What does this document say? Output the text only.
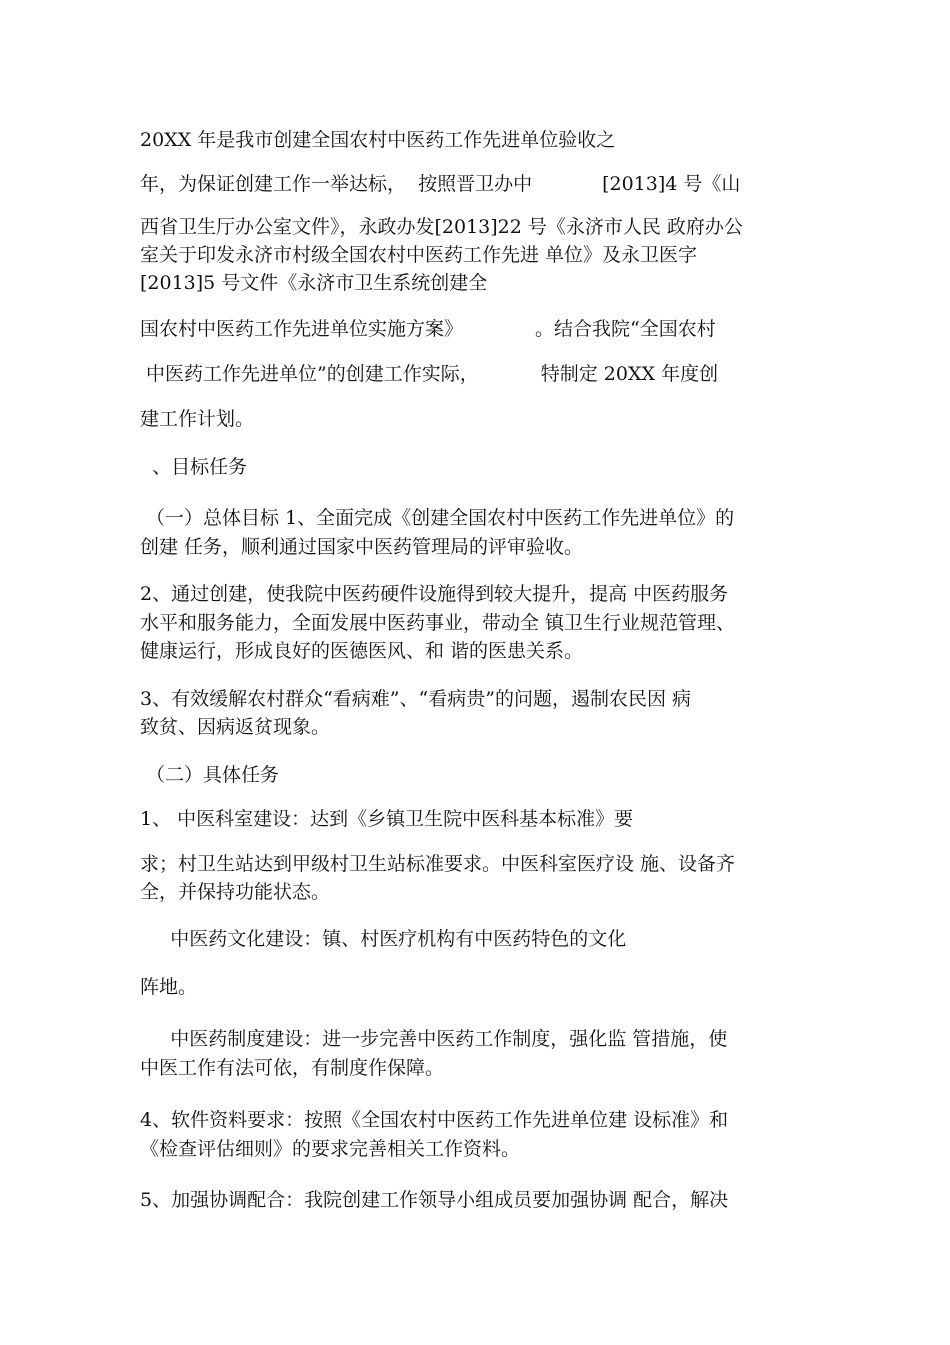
20XX 年是我市创建全国农村中医药工作先进单位验收之
年，为保证创建工作一举达标，  按照晋卫办中	[2013]4 号《山
西省卫生厅办公室文件》，永政办发[2013]22 号《永济市人民 政府办公
室关于印发永济市村级全国农村中医药工作先进 单位》及永卫医字
[2013]5 号文件《永济市卫生系统创建全
国农村中医药工作先进单位实施方案》	。结合我院“全国农村
中医药工作先进单位”的创建工作实际，	特制定 20XX 年度创
建工作计划。
、目标任务
（一）总体目标 1、全面完成《创建全国农村中医药工作先进单位》的
创建 任务，顺利通过国家中医药管理局的评审验收。
2、通过创建，使我院中医药硬件设施得到较大提升，提高 中医药服务
水平和服务能力，全面发展中医药事业，带动全 镇卫生行业规范管理、
健康运行，形成良好的医德医风、和 谐的医患关系。
3、有效缓解农村群众“看病难”、“看病贵”的问题，遏制农民因 病
致贫、因病返贫现象。
（二）具体任务
1、 中医科室建设：达到《乡镇卫生院中医科基本标准》要
求；村卫生站达到甲级村卫生站标准要求。中医科室医疗设 施、设备齐
全，并保持功能状态。
中医药文化建设：镇、村医疗机构有中医药特色的文化
阵地。
中医药制度建设：进一步完善中医药工作制度，强化监 管措施，使
中医工作有法可依，有制度作保障。
4、软件资料要求：按照《全国农村中医药工作先进单位建 设标准》和
《检查评估细则》的要求完善相关工作资料。
5、加强协调配合：我院创建工作领导小组成员要加强协调 配合，解决
